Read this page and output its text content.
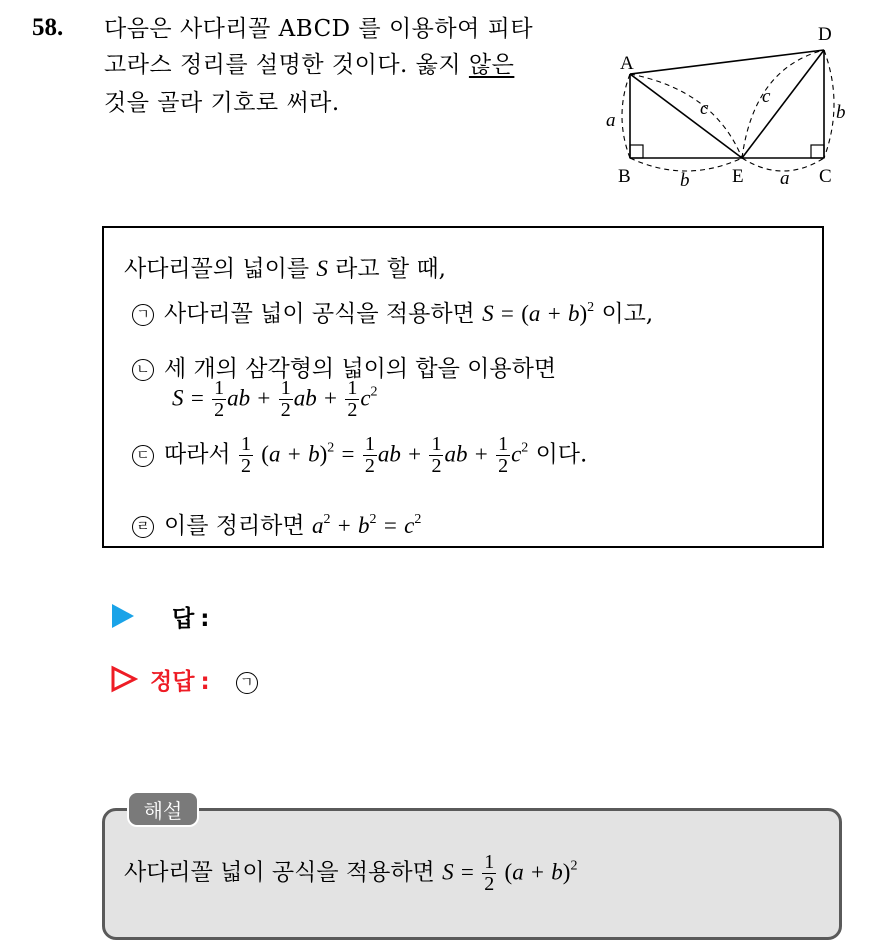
58. 다음은 사다리꼴 ABCD 를 이용하여 피타
고라스 정리를 설명한 것이다. 옳지 않은
것을 골라 기호로 써라.
A
D
B	E	C
a	b
c
c
b	a
사다리꼴의 넓이를 S 라고 할 때,
ㄱ 사다리꼴 넓이 공식을 적용하면 $S = (a + b)^2$ 이고,
ㄴ 세 개의 삼각형의 넓이의 합을 이용하면
$S = \frac{1}{2}$ ab + $\frac{1}{2}$ ab + $\frac{1}{2} c^2$
ㄷ 따라서 $\frac{1}{2} (a + b)^2 = \frac{1}{2}$ ab + $\frac{1}{2}$ ab + $\frac{1}{2} c^2$ 이다.
ㄹ 이를 정리하면 $a^2 + b^2 = c^2$
답 :
정답 : ㄱ
해설
사다리꼴 넓이 공식을 적용하면 $S = \frac{1}{2} (a + b)^2$
